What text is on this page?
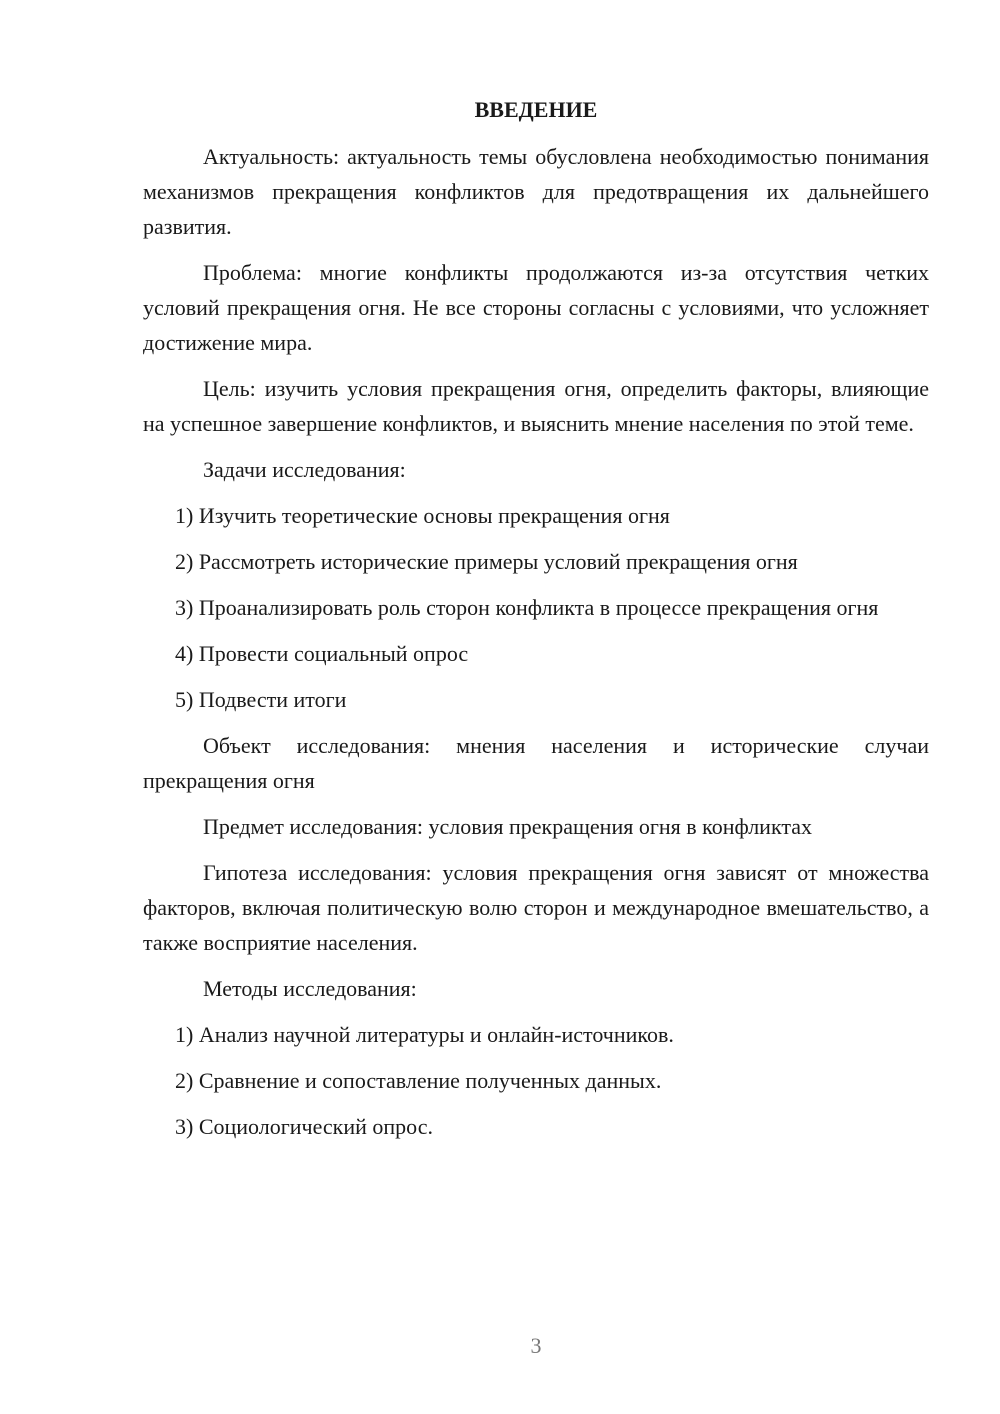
ВВЕДЕНИЕ
Актуальность: актуальность темы обусловлена необходимостью понимания механизмов прекращения конфликтов для предотвращения их дальнейшего развития.
Проблема: многие конфликты продолжаются из-за отсутствия четких условий прекращения огня. Не все стороны согласны с условиями, что усложняет достижение мира.
Цель: изучить условия прекращения огня, определить факторы, влияющие на успешное завершение конфликтов, и выяснить мнение населения по этой теме.
Задачи исследования:
1) Изучить теоретические основы прекращения огня
2) Рассмотреть исторические примеры условий прекращения огня
3) Проанализировать роль сторон конфликта в процессе прекращения огня
4) Провести социальный опрос
5) Подвести итоги
Объект исследования: мнения населения и исторические случаи прекращения огня
Предмет исследования: условия прекращения огня в конфликтах
Гипотеза исследования: условия прекращения огня зависят от множества факторов, включая политическую волю сторон и международное вмешательство, а также восприятие населения.
Методы исследования:
1) Анализ научной литературы и онлайн-источников.
2) Сравнение и сопоставление полученных данных.
3) Социологический опрос.
3
